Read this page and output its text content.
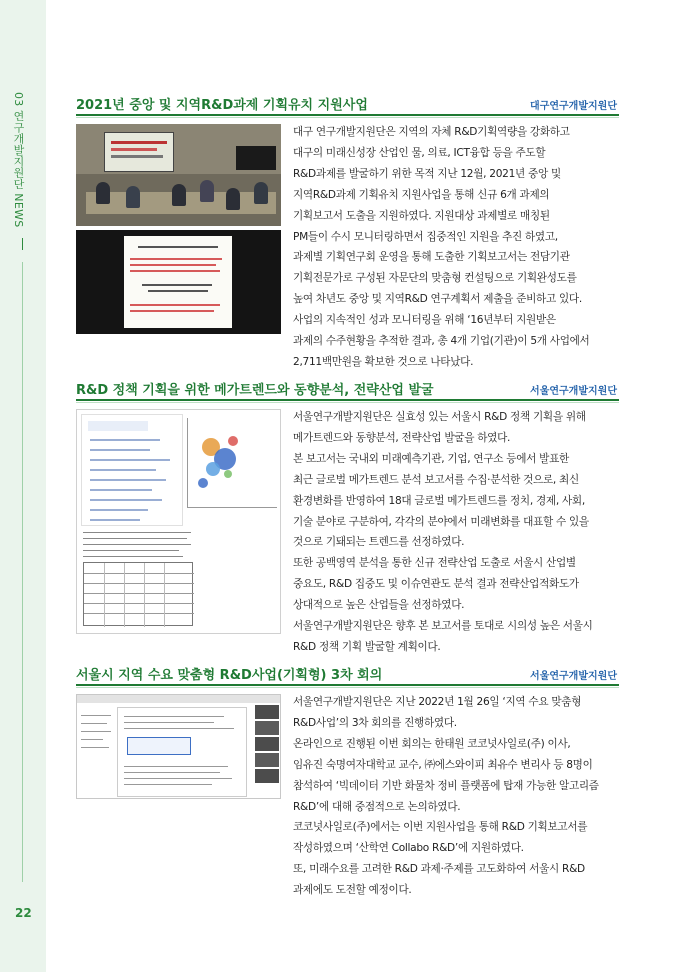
03 연구개발지원단 NEWS
22
2021년 중앙 및 지역R&D과제 기획유치 지원사업	대구연구개발지원단

대구 연구개발지원단은 지역의 자체 R&D기획역량을 강화하고

대구의 미래신성장 산업인 물, 의료, ICT융합 등을 주도할

R&D과제를 발굴하기 위한 목적 지난 12월, 2021년 중앙 및

지역R&D과제 기획유치 지원사업을 통해 신규 6개 과제의

기획보고서 도출을 지원하였다. 지원대상 과제별로 매칭된

PM들이 수시 모니터링하면서 집중적인 지원을 추진 하였고,

과제별 기획연구회 운영을 통해 도출한 기획보고서는 전담기관

기획전문가로 구성된 자문단의 맞춤형 컨설팅으로 기획완성도를

높여 차년도 중앙 및 지역R&D 연구계획서 제출을 준비하고 있다.

사업의 지속적인 성과 모니터링을 위해 ‘16년부터 지원받은

과제의 수주현황을 추적한 결과, 총 4개 기업(기관)이 5개 사업에서

2,711백만원을 확보한 것으로 나타났다.

R&D 정책 기획을 위한 메가트렌드와 동향분석, 전략산업 발굴	서울연구개발지원단

서울연구개발지원단은 실효성 있는 서울시 R&D 정책 기획을 위해

메가트렌드와 동향분석, 전략산업 발굴을 하였다.

본 보고서는 국내외 미래예측기관, 기업, 연구소 등에서 발표한

최근 글로벌 메가트렌드 분석 보고서를 수집·분석한 것으로, 최신

환경변화를 반영하여 18대 글로벌 메가트렌드를 정치, 경제, 사회,

기술 분야로 구분하여, 각각의 분야에서 미래변화를 대표할 수 있을

것으로 기돼되는 트렌드를 선정하였다.

또한 공백영역 분석을 통한 신규 전략산업 도출로 서울시 산업별

중요도, R&D 집중도 및 이슈연관도 분석 결과 전략산업적화도가

상대적으로 높은 산업들을 선정하였다.

서울연구개발지원단은 향후 본 보고서를 토대로 시의성 높은 서울시

R&D 정책 기획 발굴할 계획이다.

서울시 지역 수요 맞춤형 R&D사업(기획형) 3차 회의	서울연구개발지원단

서울연구개발지원단은 지난 2022년 1월 26일 ‘지역 수요 맞춤형

R&D사업’의 3차 회의를 진행하였다.

온라인으로 진행된 이번 회의는 한태원 코코넛사일로(주) 이사,

임유진 숙명여자대학교 교수, ㈜에스와이피 최유수 변리사 등 8명이

참석하여 ‘빅데이터 기반 화물차 정비 플랫폼에 탑재 가능한 알고리즘

R&D’에 대해 중점적으로 논의하였다.

코코넛사일로(주)에서는 이번 지원사업을 통해 R&D 기획보고서를

작성하였으며 ‘산학연 Collabo R&D’에 지원하였다.

또, 미래수요를 고려한 R&D 과제·주제를 고도화하여 서울시 R&D

과제에도 도전할 예정이다.
